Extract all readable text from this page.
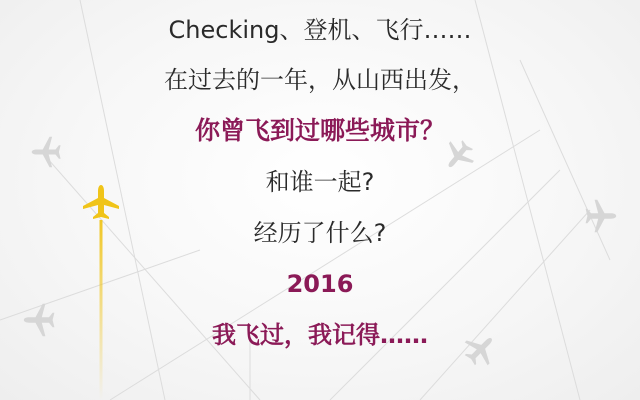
Checking、登机、飞行……
在过去的一年，从山西出发，
你曾飞到过哪些城市？
和谁一起?
经历了什么?
2016
我飞过，我记得……
